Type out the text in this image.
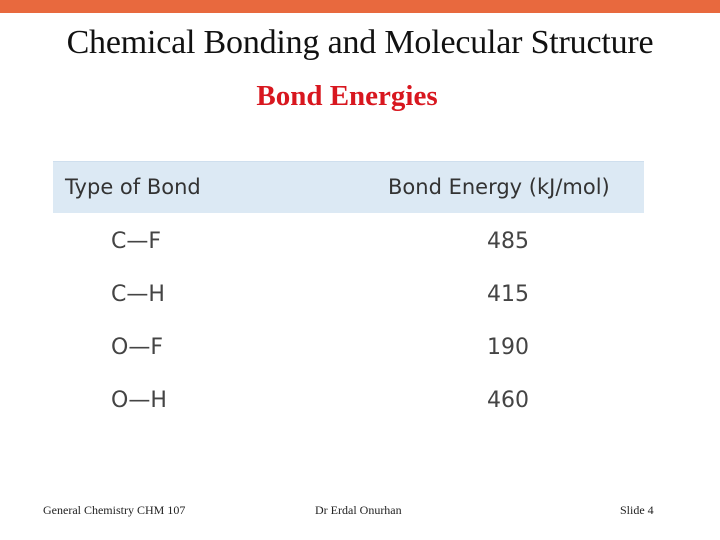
Chemical Bonding and Molecular Structure
Bond Energies
Type of Bond	Bond Energy (kJ/mol)
C—F	485
C—H	415
O—F	190
O—H	460
General Chemistry CHM 107	Dr Erdal Onurhan	Slide 4
